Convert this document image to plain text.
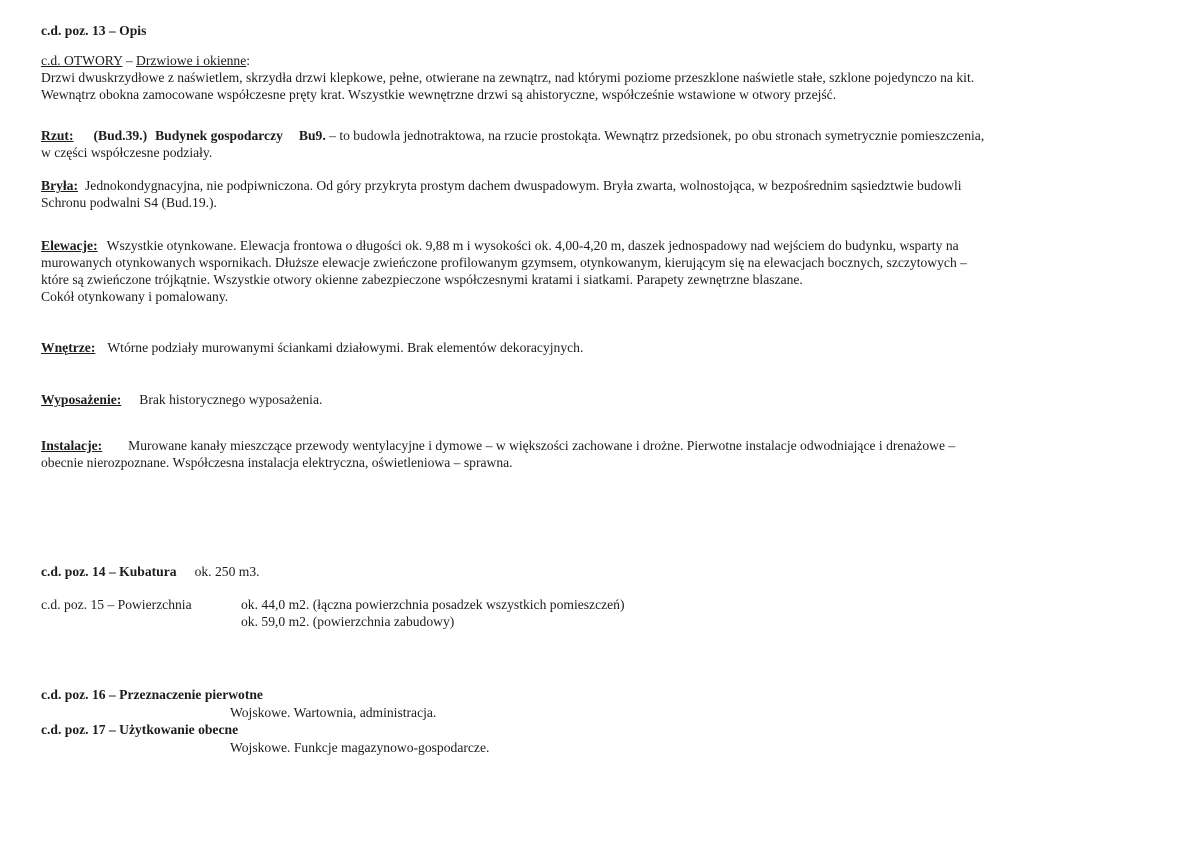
c.d. poz. 13 – Opis
c.d. OTWORY – Drzwiowe i okienne:
Drzwi dwuskrzydłowe z naświetlem, skrzydła drzwi klepkowe, pełne, otwierane na zewnątrz, nad którymi poziome przeszklone naświetle stałe, szklone pojedynczo na kit.
Wewnątrz obokna zamocowane współczesne pręty krat. Wszystkie wewnętrzne drzwi są ahistoryczne, współcześnie wstawione w otwory przejść.
Rzut: (Bud.39.) Budynek gospodarczy Bu9. – to budowla jednotraktowa, na rzucie prostokąta. Wewnątrz przedsionek, po obu stronach symetrycznie pomieszczenia,
w części współczesne podziały.
Bryła: Jednokondygnacyjna, nie podpiwniczona. Od góry przykryta prostym dachem dwuspadowym. Bryła zwarta, wolnostojąca, w bezpośrednim sąsiedztwie budowli
Schronu podwalni S4 (Bud.19.).
Elewacje: Wszystkie otynkowane. Elewacja frontowa o długości ok. 9,88 m i wysokości ok. 4,00-4,20 m, daszek jednospadowy nad wejściem do budynku, wsparty na
murowanych otynkowanych wspornikach. Dłuższe elewacje zwieńczone profilowanym gzymsem, otynkowanym, kierującym się na elewacjach bocznych, szczytowych –
które są zwieńczone trójkątnie. Wszystkie otwory okienne zabezpieczone współczesnymi kratami i siatkami. Parapety zewnętrzne blaszane.
Cokół otynkowany i pomalowany.
Wnętrze: Wtórne podziały murowanymi ściankami działowymi. Brak elementów dekoracyjnych.
Wyposażenie: Brak historycznego wyposażenia.
Instalacje: Murowane kanały mieszczące przewody wentylacyjne i dymowe – w większości zachowane i drożne. Pierwotne instalacje odwodniające i drenażowe –
obecnie nierozpoznane. Współczesna instalacja elektryczna, oświetleniowa – sprawna.
c.d. poz. 14 – Kubatura ok. 250 m3.
c.d. poz. 15 – Powierzchnia	ok. 44,0 m2. (łączna powierzchnia posadzek wszystkich pomieszczeń)
ok. 59,0 m2. (powierzchnia zabudowy)
c.d. poz. 16 – Przeznaczenie pierwotne
Wojskowe. Wartownia, administracja.
c.d. poz. 17 – Użytkowanie obecne
Wojskowe. Funkcje magazynowo-gospodarcze.
